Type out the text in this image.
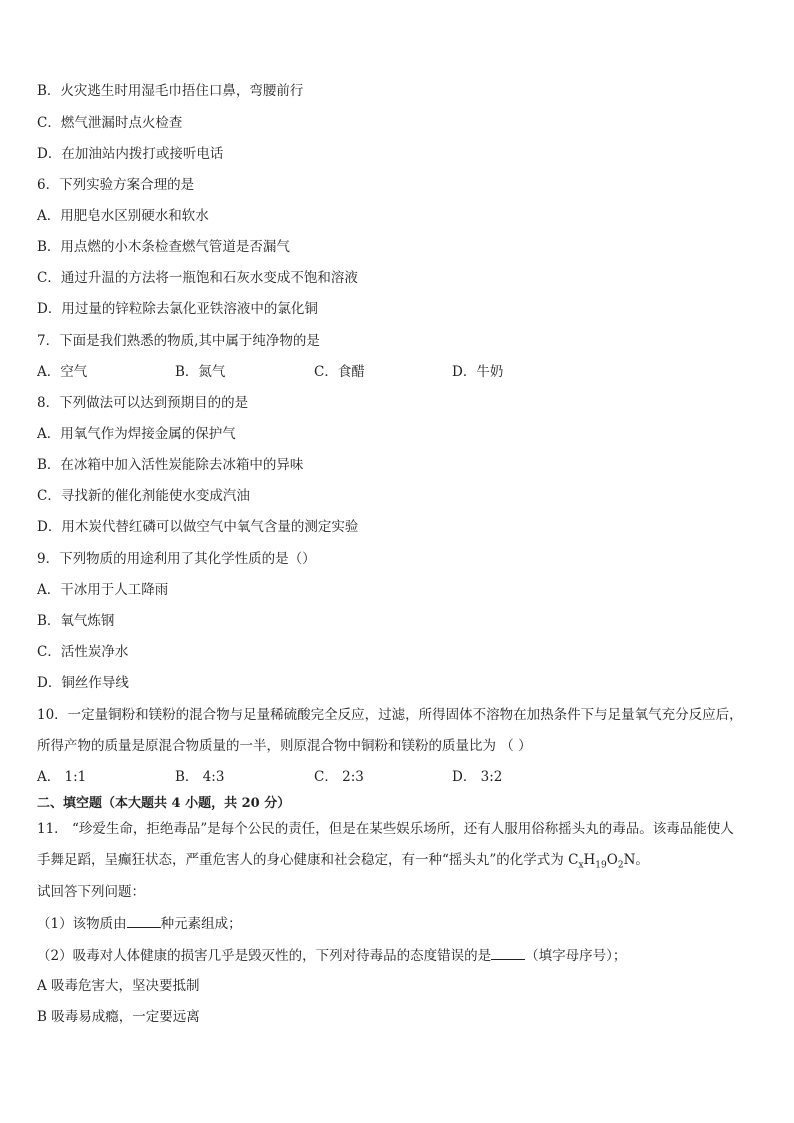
B．火灾逃生时用湿毛巾捂住口鼻，弯腰前行
C．燃气泄漏时点火检查
D．在加油站内拨打或接听电话
6．下列实验方案合理的是
A．用肥皂水区别硬水和软水
B．用点燃的小木条检查燃气管道是否漏气
C．通过升温的方法将一瓶饱和石灰水变成不饱和溶液
D．用过量的锌粒除去氯化亚铁溶液中的氯化铜
7．下面是我们熟悉的物质,其中属于纯净物的是
A．空气	B．氮气	C．食醋	D．牛奶
8．下列做法可以达到预期目的的是
A．用氧气作为焊接金属的保护气
B．在冰箱中加入活性炭能除去冰箱中的异味
C．寻找新的催化剂能使水变成汽油
D．用木炭代替红磷可以做空气中氧气含量的测定实验
9．下列物质的用途利用了其化学性质的是（）
A．干冰用于人工降雨
B．氧气炼钢
C．活性炭净水
D．铜丝作导线
10．一定量铜粉和镁粉的混合物与足量稀硫酸完全反应，过滤，所得固体不溶物在加热条件下与足量氧气充分反应后，
所得产物的质量是原混合物质量的一半，则原混合物中铜粉和镁粉的质量比为 （ ）
A． 1:1	B． 4:3	C． 2:3	D． 3:2
二、填空题（本大题共 4 小题，共 20 分）
11． “珍爱生命，拒绝毒品”是每个公民的责任，但是在某些娱乐场所，还有人服用俗称摇头丸的毒品。该毒品能使人
手舞足蹈，呈癫狂状态，严重危害人的身心健康和社会稳定，有一种“摇头丸”的化学式为 $C_xH_{19}O_2N$。
试回答下列问题：
（1）该物质由	种元素组成；
（2）吸毒对人体健康的损害几乎是毁灭性的，下列对待毒品的态度错误的是	（填字母序号）；
A 吸毒危害大，坚决要抵制
B 吸毒易成瘾，一定要远离
